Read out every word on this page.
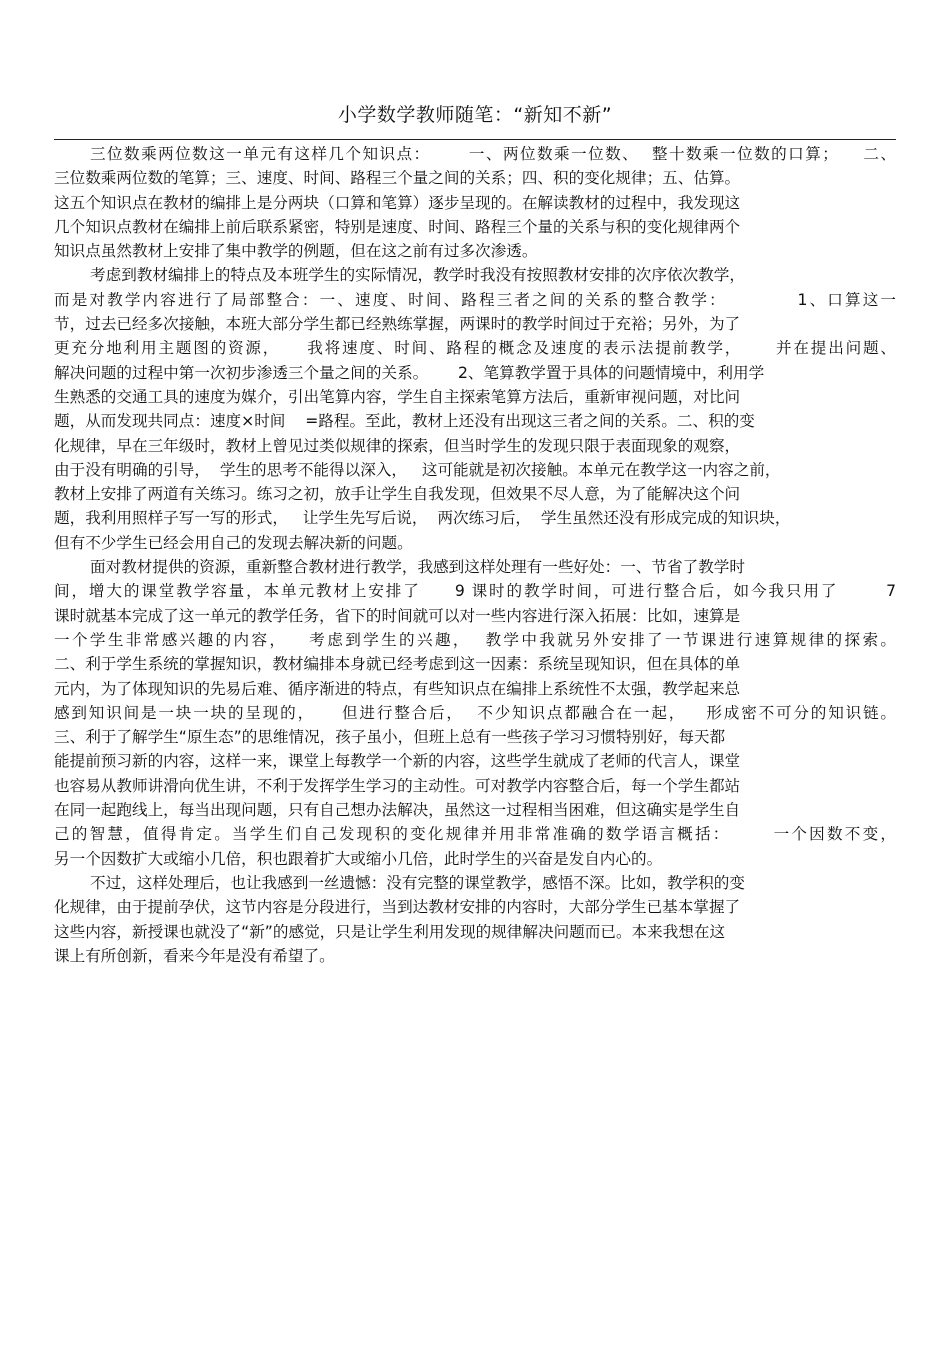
小学数学教师随笔：“新知不新”
三位数乘两位数这一单元有这样几个知识点：      一、两位数乘一位数、  整十数乘一位数的口算；    二、
三位数乘两位数的笔算；三、速度、时间、路程三个量之间的关系；四、积的变化规律；五、估算。
这五个知识点在教材的编排上是分两块（口算和笔算）逐步呈现的。在解读教材的过程中，我发现这
几个知识点教材在编排上前后联系紧密，特别是速度、时间、路程三个量的关系与积的变化规律两个
知识点虽然教材上安排了集中教学的例题，但在这之前有过多次渗透。
考虑到教材编排上的特点及本班学生的实际情况，教学时我没有按照教材安排的次序依次教学，
而是对教学内容进行了局部整合：一、速度、时间、路程三者之间的关系的整合教学：          1、口算这一
节，过去已经多次接触，本班大部分学生都已经熟练掌握，两课时的教学时间过于充裕；另外，为了
更充分地利用主题图的资源，    我将速度、时间、路程的概念及速度的表示法提前教学，     并在提出问题、
解决问题的过程中第一次初步渗透三个量之间的关系。      2、笔算教学置于具体的问题情境中，利用学
生熟悉的交通工具的速度为媒介，引出笔算内容，学生自主探索笔算方法后，重新审视问题，对比问
题，从而发现共同点：速度×时间    =路程。至此，教材上还没有出现这三者之间的关系。二、积的变
化规律，早在三年级时，教材上曾见过类似规律的探索，但当时学生的发现只限于表面现象的观察，
由于没有明确的引导，  学生的思考不能得以深入，   这可能就是初次接触。本单元在教学这一内容之前，
教材上安排了两道有关练习。练习之初，放手让学生自我发现，但效果不尽人意，为了能解决这个问
题，我利用照样子写一写的形式，   让学生先写后说，  两次练习后，  学生虽然还没有形成完成的知识块，
但有不少学生已经会用自己的发现去解决新的问题。
面对教材提供的资源，重新整合教材进行教学，我感到这样处理有一些好处：一、节省了教学时
间，增大的课堂教学容量，本单元教材上安排了     9 课时的教学时间，可进行整合后，如今我只用了       7
课时就基本完成了这一单元的教学任务，省下的时间就可以对一些内容进行深入拓展：比如，速算是
一个学生非常感兴趣的内容，   考虑到学生的兴趣，  教学中我就另外安排了一节课进行速算规律的探索。
二、利于学生系统的掌握知识，教材编排本身就已经考虑到这一因素：系统呈现知识，但在具体的单
元内，为了体现知识的先易后难、循序渐进的特点，有些知识点在编排上系统性不太强，教学起来总
感到知识间是一块一块的呈现的，    但进行整合后，  不少知识点都融合在一起，   形成密不可分的知识链。
三、利于了解学生“原生态”的思维情况，孩子虽小，但班上总有一些孩子学习习惯特别好，每天都
能提前预习新的内容，这样一来，课堂上每教学一个新的内容，这些学生就成了老师的代言人，课堂
也容易从教师讲滑向优生讲，不利于发挥学生学习的主动性。可对教学内容整合后，每一个学生都站
在同一起跑线上，每当出现问题，只有自己想办法解决，虽然这一过程相当困难，但这确实是学生自
己的智慧，值得肯定。当学生们自己发现积的变化规律并用非常准确的数学语言概括：      一个因数不变，
另一个因数扩大或缩小几倍，积也跟着扩大或缩小几倍，此时学生的兴奋是发自内心的。
不过，这样处理后，也让我感到一丝遗憾：没有完整的课堂教学，感悟不深。比如，教学积的变
化规律，由于提前孕伏，这节内容是分段进行，当到达教材安排的内容时，大部分学生已基本掌握了
这些内容，新授课也就没了“新”的感觉，只是让学生利用发现的规律解决问题而已。本来我想在这
课上有所创新，看来今年是没有希望了。
